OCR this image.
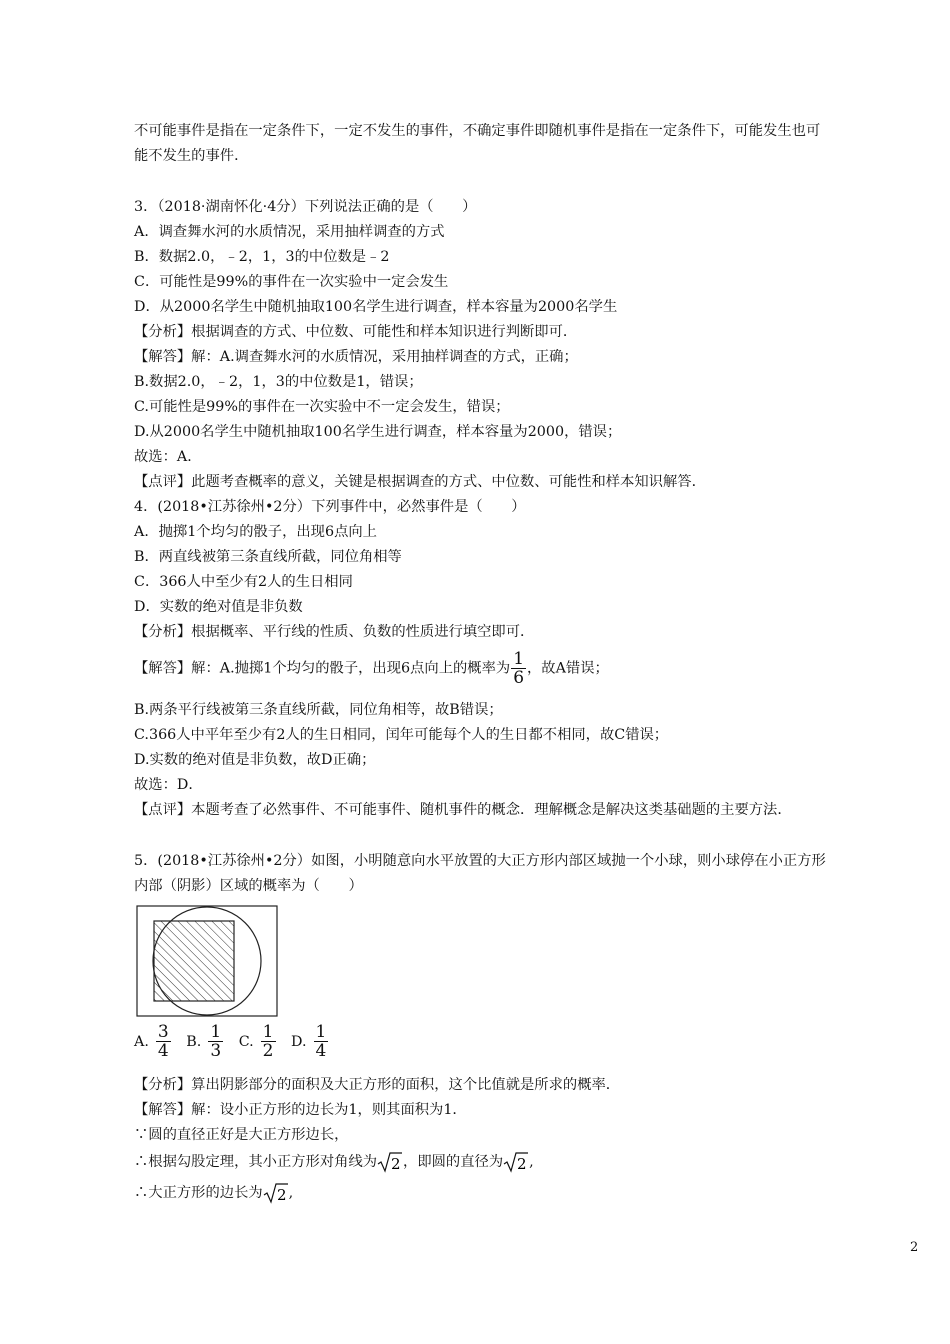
不可能事件是指在一定条件下，一定不发生的事件，不确定事件即随机事件是指在一定条件下，可能发生也可
能不发生的事件．
3．（2018·湖南怀化·4分）下列说法正确的是（　　）
A．调查舞水河的水质情况，采用抽样调查的方式
B．数据2.0，﹣2，1，3的中位数是﹣2
C．可能性是99%的事件在一次实验中一定会发生
D．从2000名学生中随机抽取100名学生进行调查，样本容量为2000名学生
【分析】根据调查的方式、中位数、可能性和样本知识进行判断即可．
【解答】解：A.调查舞水河的水质情况，采用抽样调查的方式，正确；
B.数据2.0，﹣2，1，3的中位数是1，错误；
C.可能性是99%的事件在一次实验中不一定会发生，错误；
D.从2000名学生中随机抽取100名学生进行调查，样本容量为2000，错误；
故选：A．
【点评】此题考查概率的意义，关键是根据调查的方式、中位数、可能性和样本知识解答．
4．(2018•江苏徐州•2分）下列事件中，必然事件是（　　）
A．抛掷1个均匀的骰子，出现6点向上
B．两直线被第三条直线所截，同位角相等
C．366人中至少有2人的生日相同
D．实数的绝对值是非负数
【分析】根据概率、平行线的性质、负数的性质进行填空即可．
【解答】解：A.抛掷1个均匀的骰子，出现6点向上的概率为 $\frac{1}{6}$ ，故A错误；
B.两条平行线被第三条直线所截，同位角相等，故B错误；
C.366人中平年至少有2人的生日相同，闰年可能每个人的生日都不相同，故C错误；
D.实数的绝对值是非负数，故D正确；
故选：D．
【点评】本题考查了必然事件、不可能事件、随机事件的概念．理解概念是解决这类基础题的主要方法．
5．(2018•江苏徐州•2分）如图，小明随意向水平放置的大正方形内部区域抛一个小球，则小球停在小正方形
内部（阴影）区域的概率为（　　）
A. $\frac{3}{4} B$. $\frac{1}{3} C$. $\frac{1}{2} D$. $\frac{1}{4}$
【分析】算出阴影部分的面积及大正方形的面积，这个比值就是所求的概率．
【解答】解：设小正方形的边长为1，则其面积为1．
∵圆的直径正好是大正方形边长，
∴根据勾股定理，其小正方形对角线为 2 ，即圆的直径为 2 ,
∴大正方形的边长为 2 ,
2
